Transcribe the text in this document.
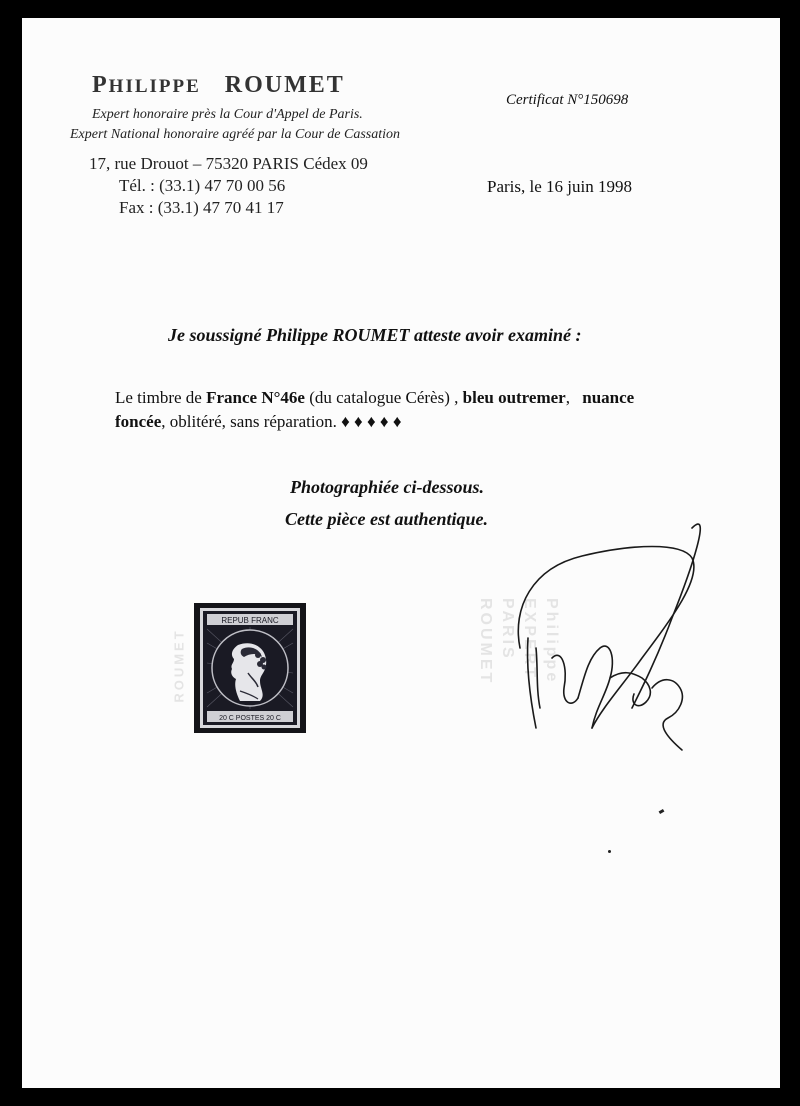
PHILIPPE ROUMET
Expert honoraire près la Cour d'Appel de Paris.
Expert National honoraire agréé par la Cour de Cassation
17, rue Drouot – 75320 PARIS Cédex 09
Tél. : (33.1) 47 70 00 56
Fax : (33.1) 47 70 41 17
Certificat N°150698
Paris, le 16 juin 1998
Je soussigné Philippe ROUMET atteste avoir examiné :
Le timbre de France N°46e (du catalogue Cérès) , bleu outremer, nuance
foncée, oblitéré, sans réparation. ♦ ♦ ♦ ♦ ♦
Photographiée ci-dessous.
Cette pièce est authentique.
ROUMET	Philippe
EXPERT
PARIS
ROUMET
REPUB FRANC
20 C POSTES 20 C
